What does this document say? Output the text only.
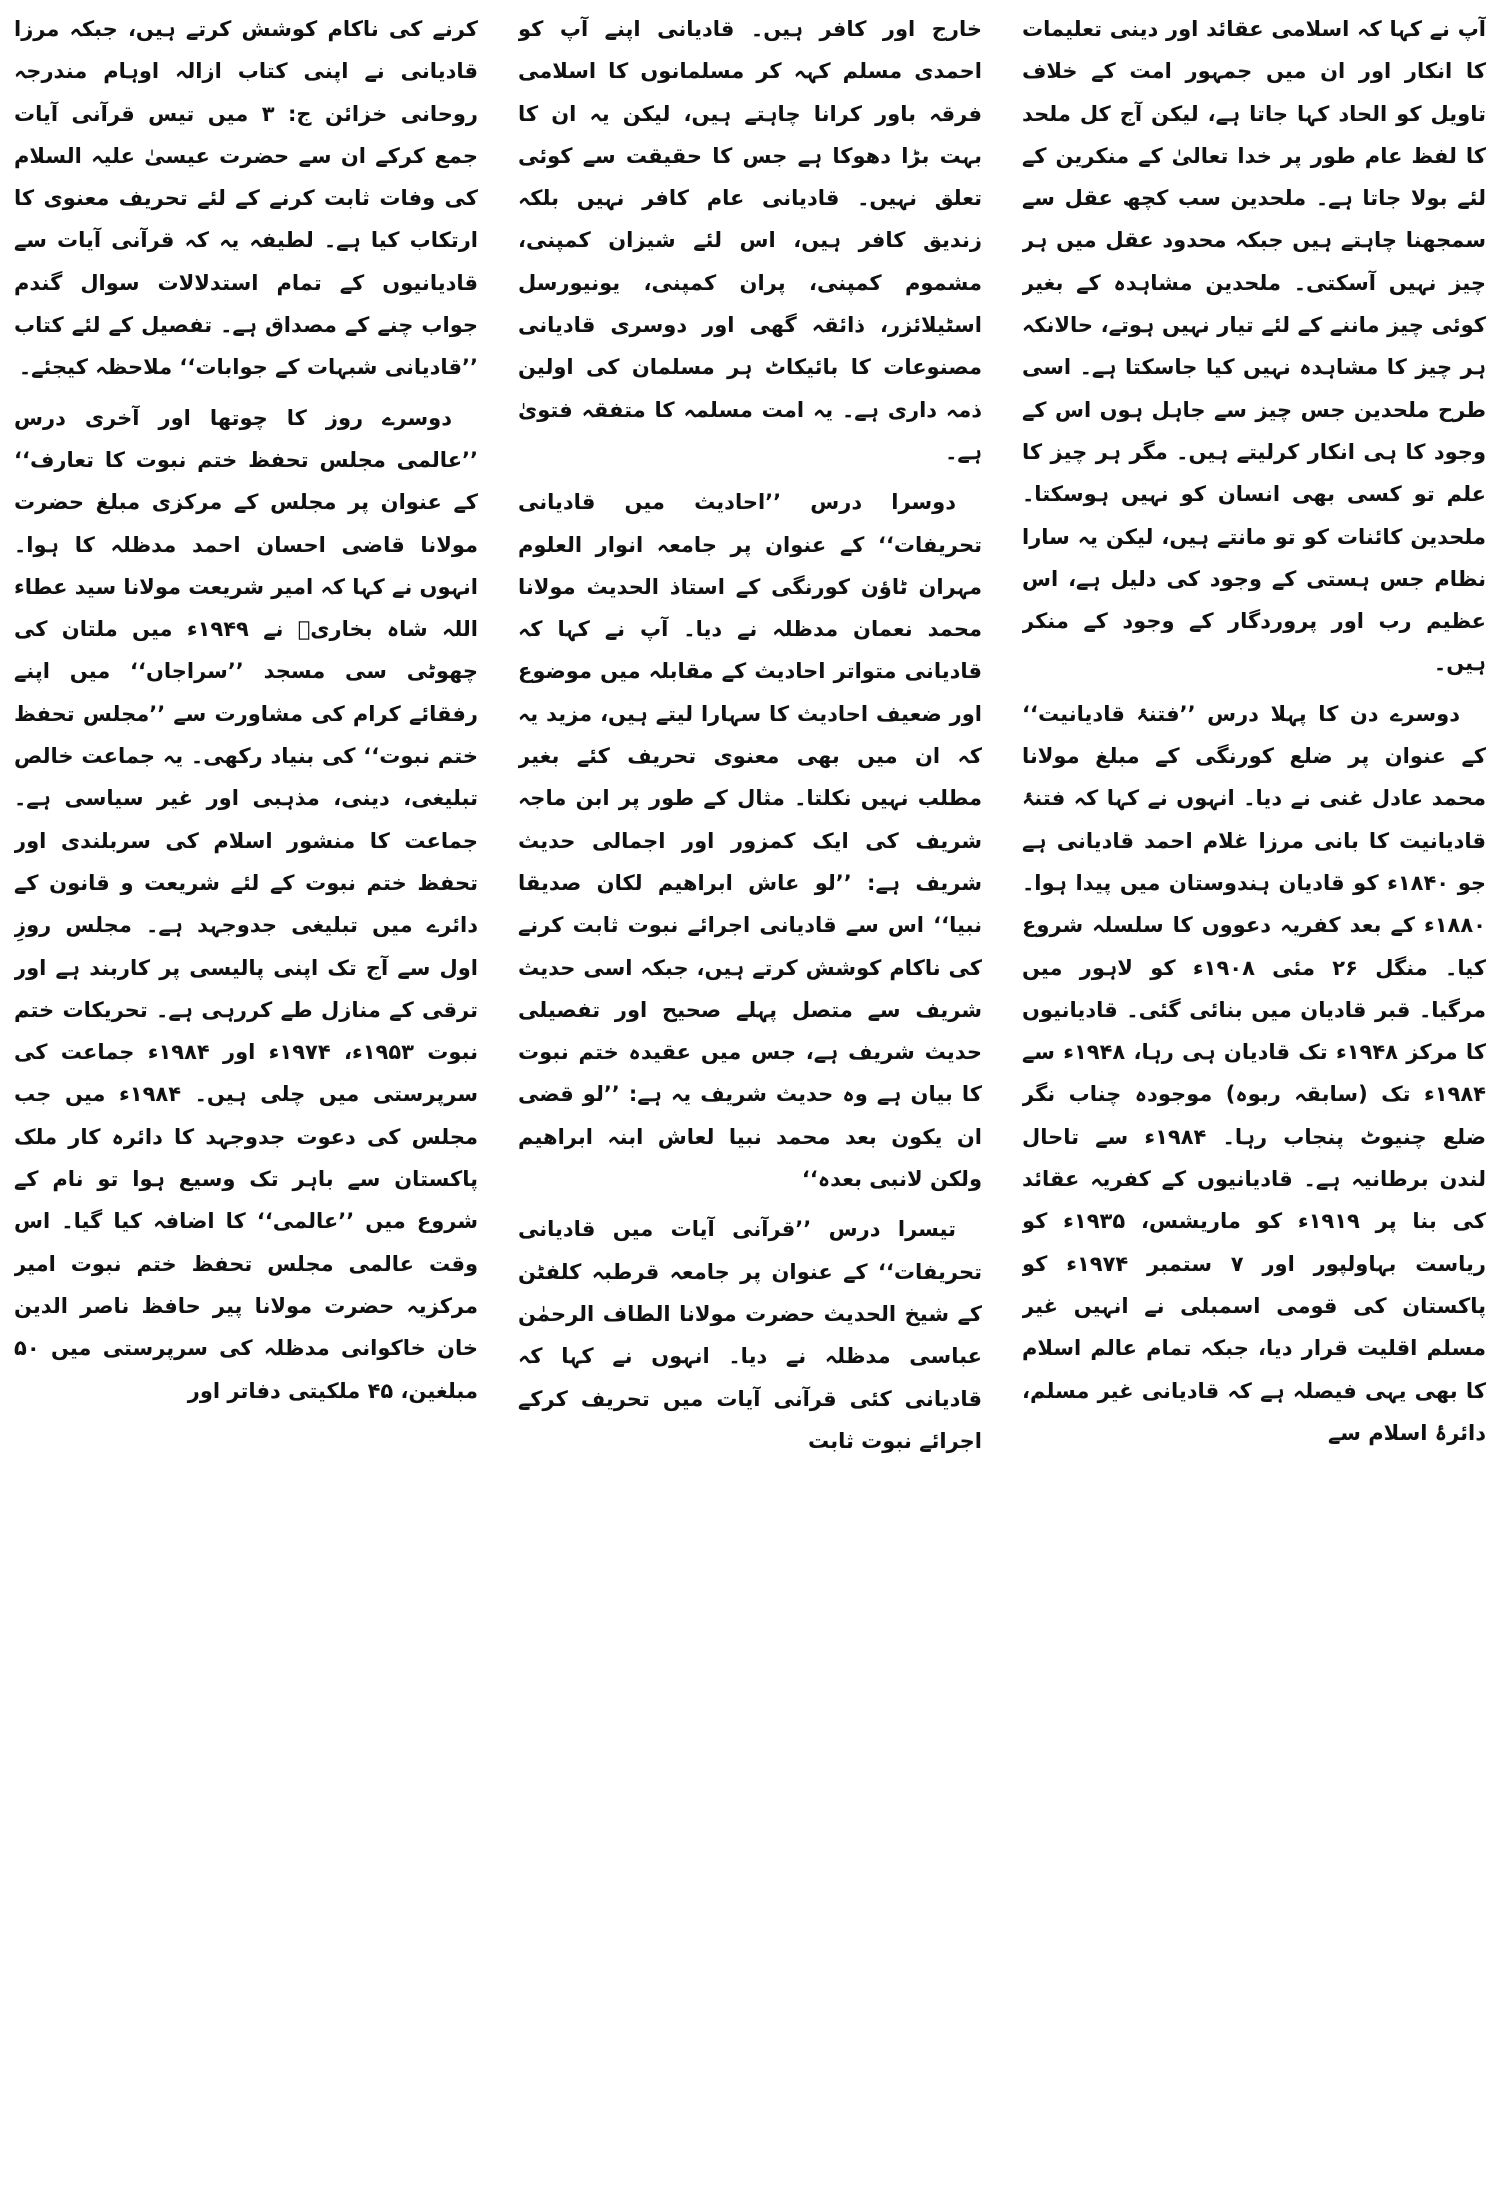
آپ نے کہا کہ اسلامی عقائد اور دینی تعلیمات کا انکار اور ان میں جمہور امت کے خلاف تاویل کو الحاد کہا جاتا ہے، لیکن آج کل ملحد کا لفظ عام طور پر خدا تعالیٰ کے منکرین کے لئے بولا جاتا ہے۔ ملحدین سب کچھ عقل سے سمجھنا چاہتے ہیں جبکہ محدود عقل میں ہر چیز نہیں آسکتی۔ ملحدین مشاہدہ کے بغیر کوئی چیز ماننے کے لئے تیار نہیں ہوتے، حالانکہ ہر چیز کا مشاہدہ نہیں کیا جاسکتا ہے۔ اسی طرح ملحدین جس چیز سے جاہل ہوں اس کے وجود کا ہی انکار کرلیتے ہیں۔ مگر ہر چیز کا علم تو کسی بھی انسان کو نہیں ہوسکتا۔ ملحدین کائنات کو تو مانتے ہیں، لیکن یہ سارا نظام جس ہستی کے وجود کی دلیل ہے، اس عظیم رب اور پروردگار کے وجود کے منکر ہیں۔

دوسرے دن کا پہلا درس ’’فتنۂ قادیانیت‘‘ کے عنوان پر ضلع کورنگی کے مبلغ مولانا محمد عادل غنی نے دیا۔ انہوں نے کہا کہ فتنۂ قادیانیت کا بانی مرزا غلام احمد قادیانی ہے جو ۱۸۴۰ء کو قادیان ہندوستان میں پیدا ہوا۔ ۱۸۸۰ء کے بعد کفریہ دعووں کا سلسلہ شروع کیا۔ منگل ۲۶ مئی ۱۹۰۸ء کو لاہور میں مرگیا۔ قبر قادیان میں بنائی گئی۔ قادیانیوں کا مرکز ۱۹۴۸ء تک قادیان ہی رہا، ۱۹۴۸ء سے ۱۹۸۴ء تک (سابقہ ربوہ) موجودہ چناب نگر ضلع چنیوٹ پنجاب رہا۔ ۱۹۸۴ء سے تاحال لندن برطانیہ ہے۔ قادیانیوں کے کفریہ عقائد کی بنا پر ۱۹۱۹ء کو ماریشس، ۱۹۳۵ء کو ریاست بہاولپور اور ۷ ستمبر ۱۹۷۴ء کو پاکستان کی قومی اسمبلی نے انہیں غیر مسلم اقلیت قرار دیا، جبکہ تمام عالم اسلام کا بھی یہی فیصلہ ہے کہ قادیانی غیر مسلم، دائرۂ اسلام سے

خارج اور کافر ہیں۔ قادیانی اپنے آپ کو احمدی مسلم کہہ کر مسلمانوں کا اسلامی فرقہ باور کرانا چاہتے ہیں، لیکن یہ ان کا بہت بڑا دھوکا ہے جس کا حقیقت سے کوئی تعلق نہیں۔ قادیانی عام کافر نہیں بلکہ زندیق کافر ہیں، اس لئے شیزان کمپنی، مشموم کمپنی، پران کمپنی، یونیورسل اسٹیلائزر، ذائقہ گھی اور دوسری قادیانی مصنوعات کا بائیکاٹ ہر مسلمان کی اولین ذمہ داری ہے۔ یہ امت مسلمہ کا متفقہ فتویٰ ہے۔

دوسرا درس ’’احادیث میں قادیانی تحریفات‘‘ کے عنوان پر جامعہ انوار العلوم مہران ٹاؤن کورنگی کے استاذ الحدیث مولانا محمد نعمان مدظلہ نے دیا۔ آپ نے کہا کہ قادیانی متواتر احادیث کے مقابلہ میں موضوع اور ضعیف احادیث کا سہارا لیتے ہیں، مزید یہ کہ ان میں بھی معنوی تحریف کئے بغیر مطلب نہیں نکلتا۔ مثال کے طور پر ابن ماجہ شریف کی ایک کمزور اور اجمالی حدیث شریف ہے: ’’لو عاش ابراھیم لکان صدیقا نبیا‘‘ اس سے قادیانی اجرائے نبوت ثابت کرنے کی ناکام کوشش کرتے ہیں، جبکہ اسی حدیث شریف سے متصل پہلے صحیح اور تفصیلی حدیث شریف ہے، جس میں عقیدہ ختم نبوت کا بیان ہے وہ حدیث شریف یہ ہے: ’’لو قضی ان یکون بعد محمد نبیا لعاش ابنہ ابراھیم ولکن لانبی بعدہ‘‘

تیسرا درس ’’قرآنی آیات میں قادیانی تحریفات‘‘ کے عنوان پر جامعہ قرطبہ کلفٹن کے شیخ الحدیث حضرت مولانا الطاف الرحمٰن عباسی مدظلہ نے دیا۔ انہوں نے کہا کہ قادیانی کئی قرآنی آیات میں تحریف کرکے اجرائے نبوت ثابت

کرنے کی ناکام کوشش کرتے ہیں، جبکہ مرزا قادیانی نے اپنی کتاب ازالہ اوہام مندرجہ روحانی خزائن ج: ۳ میں تیس قرآنی آیات جمع کرکے ان سے حضرت عیسیٰ علیہ السلام کی وفات ثابت کرنے کے لئے تحریف معنوی کا ارتکاب کیا ہے۔ لطیفہ یہ کہ قرآنی آیات سے قادیانیوں کے تمام استدلالات سوال گندم جواب چنے کے مصداق ہے۔ تفصیل کے لئے کتاب ’’قادیانی شبہات کے جوابات‘‘ ملاحظہ کیجئے۔

دوسرے روز کا چوتھا اور آخری درس ’’عالمی مجلس تحفظ ختم نبوت کا تعارف‘‘ کے عنوان پر مجلس کے مرکزی مبلغ حضرت مولانا قاضی احسان احمد مدظلہ کا ہوا۔ انہوں نے کہا کہ امیر شریعت مولانا سید عطاء اللہ شاہ بخاریؒ نے ۱۹۴۹ء میں ملتان کی چھوٹی سی مسجد ’’سراجاں‘‘ میں اپنے رفقائے کرام کی مشاورت سے ’’مجلس تحفظ ختم نبوت‘‘ کی بنیاد رکھی۔ یہ جماعت خالص تبلیغی، دینی، مذہبی اور غیر سیاسی ہے۔ جماعت کا منشور اسلام کی سربلندی اور تحفظ ختم نبوت کے لئے شریعت و قانون کے دائرے میں تبلیغی جدوجہد ہے۔ مجلس روزِ اول سے آج تک اپنی پالیسی پر کاربند ہے اور ترقی کے منازل طے کررہی ہے۔ تحریکات ختم نبوت ۱۹۵۳ء، ۱۹۷۴ء اور ۱۹۸۴ء جماعت کی سرپرستی میں چلی ہیں۔ ۱۹۸۴ء میں جب مجلس کی دعوت جدوجہد کا دائرہ کار ملک پاکستان سے باہر تک وسیع ہوا تو نام کے شروع میں ’’عالمی‘‘ کا اضافہ کیا گیا۔ اس وقت عالمی مجلس تحفظ ختم نبوت امیر مرکزیہ حضرت مولانا پیر حافظ ناصر الدین خان خاکوانی مدظلہ کی سرپرستی میں ۵۰ مبلغین، ۴۵ ملکیتی دفاتر اور
